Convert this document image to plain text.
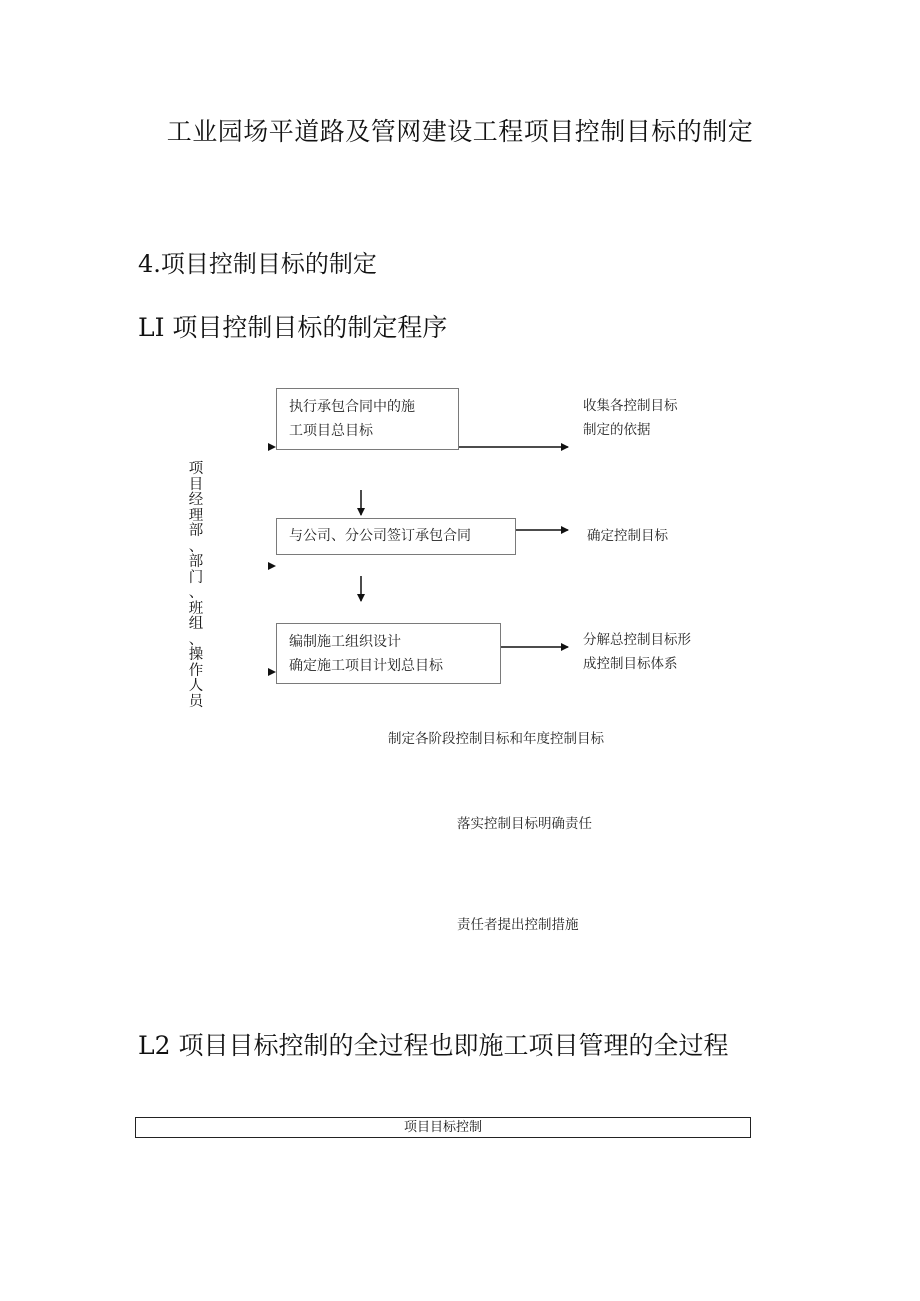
工业园场平道路及管网建设工程项目控制目标的制定
4.项目控制目标的制定
LI 项目控制目标的制定程序
项
目
经
理
部
、
部
门
、
班
组
、
操
作
人
员
执行承包合同中的施
工项目总目标
与公司、分公司签订承包合同
编制施工组织设计
确定施工项目计划总目标
收集各控制目标
制定的依据
确定控制目标
分解总控制目标形
成控制目标体系
制定各阶段控制目标和年度控制目标
落实控制目标明确责任
责任者提出控制措施
L2 项目目标控制的全过程也即施工项目管理的全过程
项目目标控制
